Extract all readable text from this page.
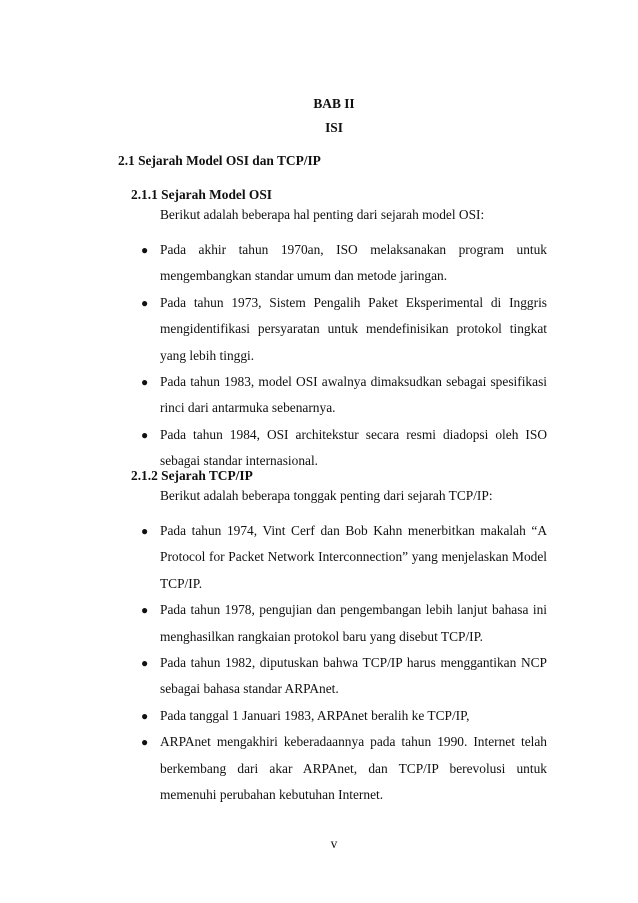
BAB II
ISI
2.1 Sejarah Model OSI dan TCP/IP

2.1.1 Sejarah Model OSI

Berikut adalah beberapa hal penting dari sejarah model OSI:

● Pada akhir tahun 1970an, ISO melaksanakan program untuk mengembangkan standar umum dan metode jaringan.
● Pada tahun 1973, Sistem Pengalih Paket Eksperimental di Inggris mengidentifikasi persyaratan untuk mendefinisikan protokol tingkat yang lebih tinggi.
● Pada tahun 1983, model OSI awalnya dimaksudkan sebagai spesifikasi rinci dari antarmuka sebenarnya.
● Pada tahun 1984, OSI architekstur secara resmi diadopsi oleh ISO sebagai standar internasional.

2.1.2 Sejarah TCP/IP

Berikut adalah beberapa tonggak penting dari sejarah TCP/IP:

● Pada tahun 1974, Vint Cerf dan Bob Kahn menerbitkan makalah “A Protocol for Packet Network Interconnection” yang menjelaskan Model TCP/IP.
● Pada tahun 1978, pengujian dan pengembangan lebih lanjut bahasa ini menghasilkan rangkaian protokol baru yang disebut TCP/IP.
● Pada tahun 1982, diputuskan bahwa TCP/IP harus menggantikan NCP sebagai bahasa standar ARPAnet.
● Pada tanggal 1 Januari 1983, ARPAnet beralih ke TCP/IP,
● ARPAnet mengakhiri keberadaannya pada tahun 1990. Internet telah berkembang dari akar ARPAnet, dan TCP/IP berevolusi untuk memenuhi perubahan kebutuhan Internet.
v
